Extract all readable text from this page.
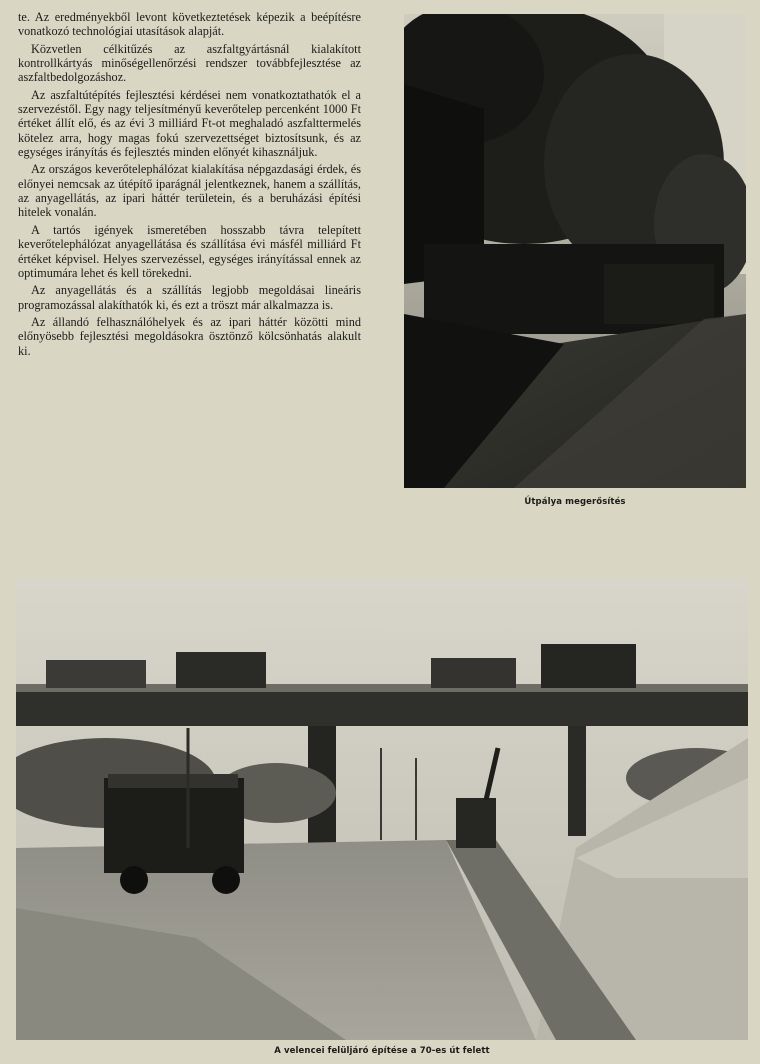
te. Az eredményekből levont következtetések képezik a beépítésre vonatkozó technológiai utasítások alapját.

Közvetlen célkitűzés az aszfaltgyártásnál kialakított kontrollkártyás minőségellenőrzési rendszer továbbfejlesztése az aszfaltbedolgozáshoz.

Az aszfaltútépítés fejlesztési kérdései nem vonatkoztathatók el a szervezéstől. Egy nagy teljesítményű keverőtelep percenként 1000 Ft értéket állít elő, és az évi 3 milliárd Ft-ot meghaladó aszfalttermelés kötelez arra, hogy magas fokú szervezettséget biztosítsunk, és az egységes irányítás és fejlesztés minden előnyét kihasználjuk.

Az országos keverőtelephálózat kialakítása népgazdasági érdek, és előnyei nemcsak az útépítő iparágnál jelentkeznek, hanem a szállítás, az anyagellátás, az ipari háttér területein, és a beruházási építési hitelek vonalán.

A tartós igények ismeretében hosszabb távra telepített keverőtelephálózat anyagellátása és szállítása évi másfél milliárd Ft értéket képvisel. Helyes szervezéssel, egységes irányítással ennek az optimumára lehet és kell törekedni.

Az anyagellátás és a szállítás legjobb megoldásai lineáris programozással alakíthatók ki, és ezt a tröszt már alkalmazza is.

Az állandó felhasználóhelyek és az ipari háttér közötti mind előnyösebb fejlesztési megoldásokra ösztönző kölcsönhatás alakult ki.

Útpálya megerősítés
A velencei felüljáró építése a 70-es út felett
